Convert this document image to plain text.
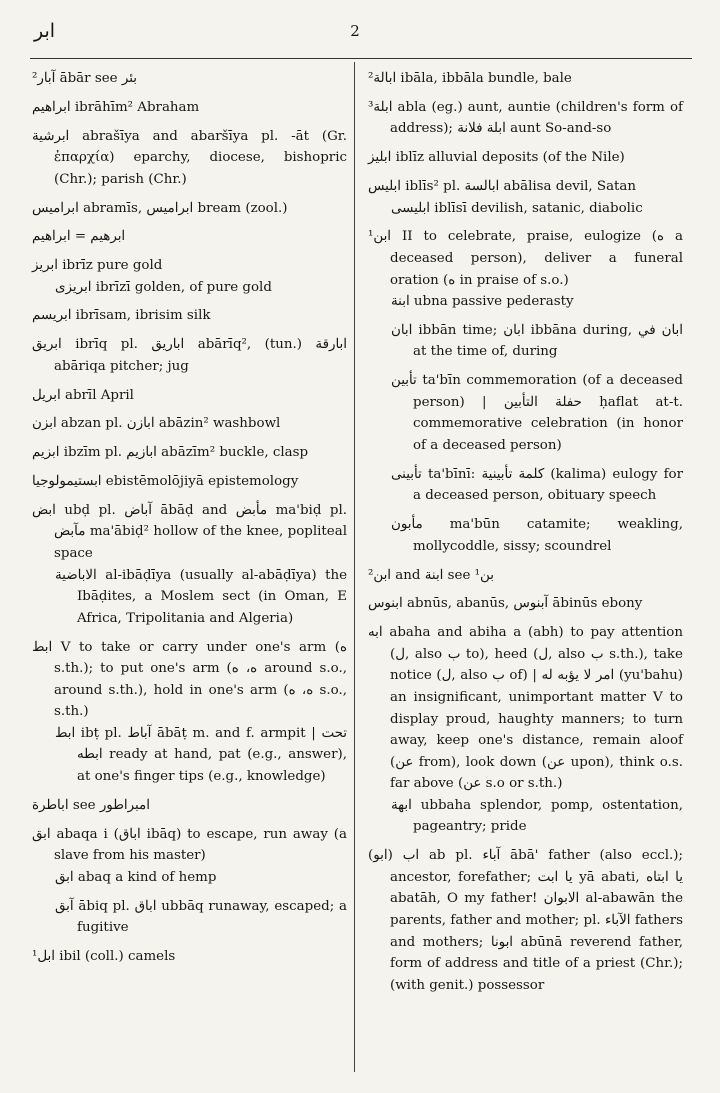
ابر	2

²آبار ābār see بئر

ابراهيم ibrāhīm² Abraham

ابرشية abrašīya and abaršīya pl. -āt (Gr. ἐπαρχία) eparchy, diocese, bishopric (Chr.); parish (Chr.)

ابراميس abramīs, ابراميس bream (zool.)

ابرهيم = ابراهيم

ابريز ibrīz pure gold

ابريزى ibrīzī golden, of pure gold

ابريسم ibrīsam, ibrisim silk

ابريق ibrīq pl. اباريق abārīq², (tun.) ابارقة abāriqa pitcher; jug

ابريل abrīl April

ابزن abzan pl. ابازن abāzin² washbowl

ابزيم ibzīm pl. ابازيم abāzīm² buckle, clasp

ابستيمولوجيا ebistēmolōjiyā epistemology

ابض ubḍ pl. آباض ābāḍ and مأبض ma'biḍ pl. مآبض ma'ābiḍ² hollow of the knee, popliteal space

الاباضية al-ibāḍīya (usually al-abāḍīya) the Ibāḍites, a Moslem sect (in Oman, E Africa, Tripolitania and Algeria)

ابط V to take or carry under one's arm (ه s.th.); to put one's arm (ه، ه around s.o., around s.th.), hold in one's arm (ه، ه s.o., s.th.)

ابط ibṭ pl. آباط ābāṭ m. and f. armpit | تحت ابطه ready at hand, pat (e.g., answer), at one's finger tips (e.g., knowledge)

اباطرة see امبراطور

ابق abaqa i (اباق ibāq) to escape, run away (a slave from his master)

ابق abaq a kind of hemp

آبق ābiq pl. اباق ubbāq runaway, escaped; a fugitive

¹ابل ibil (coll.) camels

²ابالة ibāla, ibbāla bundle, bale

³ابلة abla (eg.) aunt, auntie (children's form of address); ابلة فلانة aunt So-and-so

ابليز iblīz alluvial deposits (of the Nile)

ابليس iblīs² pl. ابالسة abālisa devil, Satan

ابليسى iblīsī devilish, satanic, diabolic

¹ابن II to celebrate, praise, eulogize (ه a deceased person), deliver a funeral oration (ه in praise of s.o.)

ابنة ubna passive pederasty

ابان ibbān time; ابان ibbāna during, ابان في at the time of, during

تأبين ta'bīn commemoration (of a deceased person) | حفلة التأبين ḥaflat at-t. commemorative celebration (in honor of a deceased person)

تأبينى ta'bīnī: كلمة تأبينية (kalima) eulogy for a deceased person, obituary speech

مأبون ma'būn catamite; weakling, mollycoddle, sissy; scoundrel

²ابن and ابنة see ¹بن

ابنوس abnūs, abanūs, آبنوس ābinūs ebony

ابه abaha and abiha a (abh) to pay attention (ل, also ب to), heed (ل, also ب s.th.), take notice (ل, also ب of) | امر لا يؤبه له (yu'bahu) an insignificant, unimportant matter V to display proud, haughty manners; to turn away, keep one's distance, remain aloof (عن from), look down (عن upon), think o.s. far above (عن s.o or s.th.)

ابهة ubbaha splendor, pomp, ostentation, pageantry; pride

اب (ابو) ab pl. آباء ābā' father (also eccl.); ancestor, forefather; يا ابت yā abati, يا ابتاه abatāh, O my father! الابوان al-abawān the parents, father and mother; pl. الآباء fathers and mothers; ابونا abūnā reverend father, form of address and title of a priest (Chr.); (with genit.) possessor
